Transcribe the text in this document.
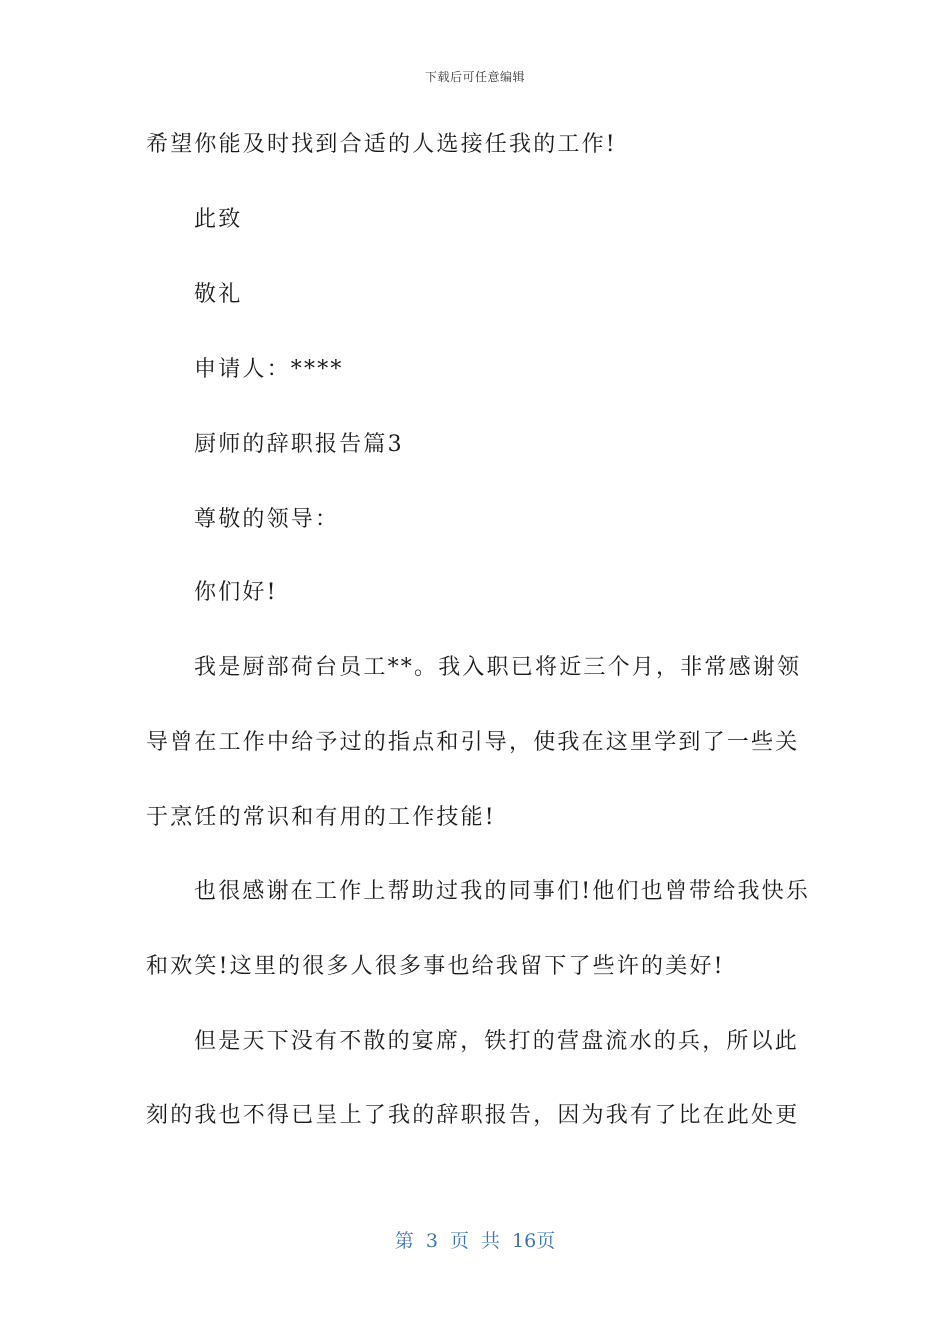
下载后可任意编辑
希望你能及时找到合适的人选接任我的工作!
此致
敬礼
申请人：****
厨师的辞职报告篇3
尊敬的领导：
你们好!
我是厨部荷台员工**。我入职已将近三个月，非常感谢领
导曾在工作中给予过的指点和引导，使我在这里学到了一些关
于烹饪的常识和有用的工作技能!
也很感谢在工作上帮助过我的同事们!他们也曾带给我快乐
和欢笑!这里的很多人很多事也给我留下了些许的美好!
但是天下没有不散的宴席，铁打的营盘流水的兵，所以此
刻的我也不得已呈上了我的辞职报告，因为我有了比在此处更
第 3 页 共 16页
